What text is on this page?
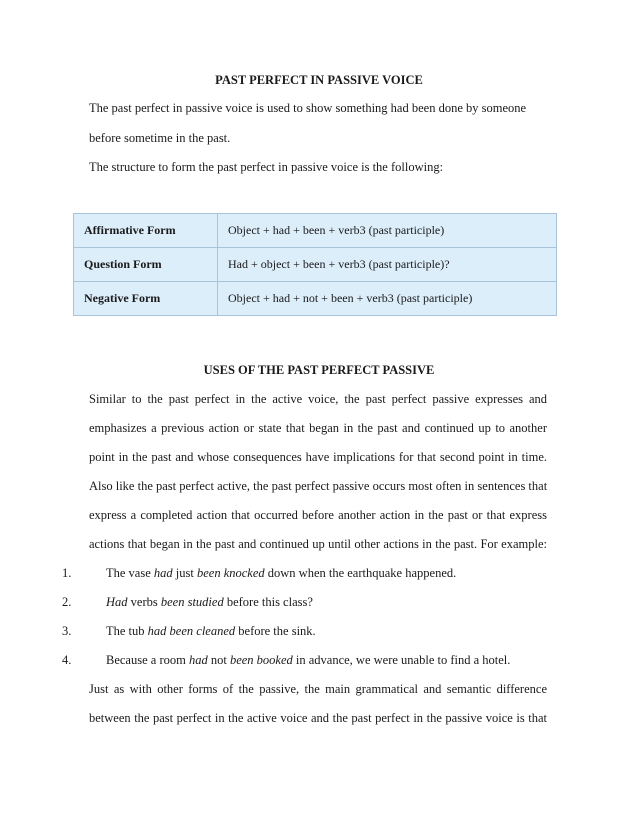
PAST PERFECT IN PASSIVE VOICE
The past perfect in passive voice is used to show something had been done by someone
before sometime in the past.
The structure to form the past perfect in passive voice is the following:
Affirmative Form	Object + had + been + verb3 (past participle)
Question Form	Had + object + been + verb3 (past participle)?
Negative Form	Object + had + not + been + verb3 (past participle)
USES OF THE PAST PERFECT PASSIVE
Similar to the past perfect in the active voice, the past perfect passive expresses and
emphasizes a previous action or state that began in the past and continued up to another
point in the past and whose consequences have implications for that second point in time.
Also like the past perfect active, the past perfect passive occurs most often in sentences that
express a completed action that occurred before another action in the past or that express
actions that began in the past and continued up until other actions in the past. For example:
1.	The vase had just been knocked down when the earthquake happened.
2.	Had verbs been studied before this class?
3.	The tub had been cleaned before the sink.
4.	Because a room had not been booked in advance, we were unable to find a hotel.
Just as with other forms of the passive, the main grammatical and semantic difference
between the past perfect in the active voice and the past perfect in the passive voice is that
